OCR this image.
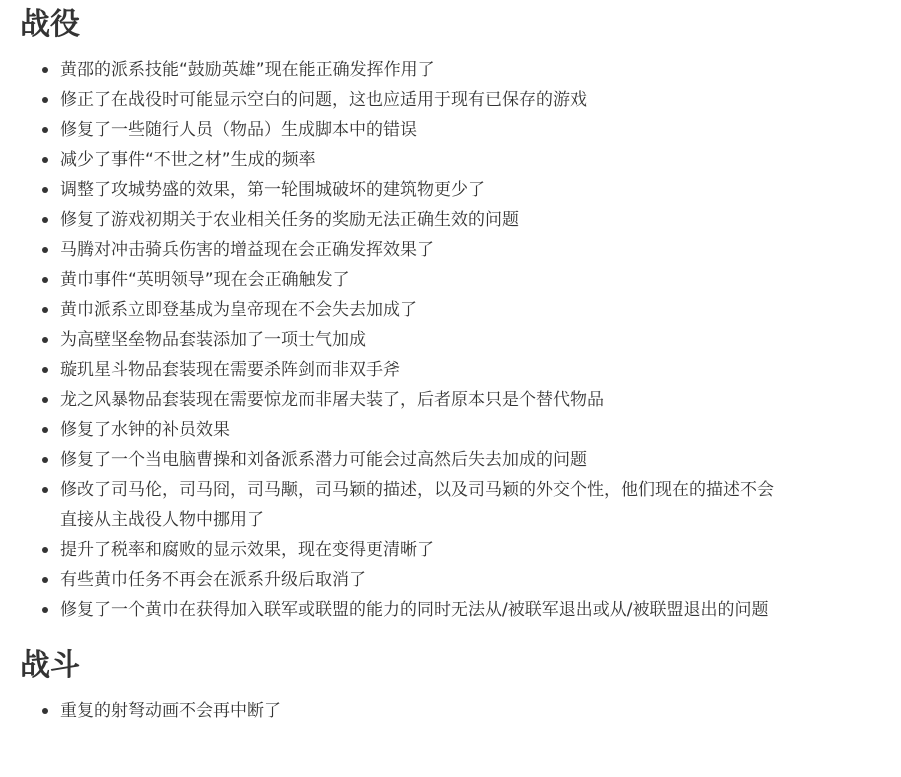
战役
黄邵的派系技能“鼓励英雄”现在能正确发挥作用了
修正了在战役时可能显示空白的问题，这也应适用于现有已保存的游戏
修复了一些随行人员（物品）生成脚本中的错误
减少了事件“不世之材”生成的频率
调整了攻城势盛的效果，第一轮围城破坏的建筑物更少了
修复了游戏初期关于农业相关任务的奖励无法正确生效的问题
马腾对冲击骑兵伤害的增益现在会正确发挥效果了
黄巾事件“英明领导”现在会正确触发了
黄巾派系立即登基成为皇帝现在不会失去加成了
为高壁坚垒物品套装添加了一项士气加成
璇玑星斗物品套装现在需要杀阵剑而非双手斧
龙之风暴物品套装现在需要惊龙而非屠夫装了，后者原本只是个替代物品
修复了水钟的补员效果
修复了一个当电脑曹操和刘备派系潜力可能会过高然后失去加成的问题
修改了司马伦，司马冏，司马颙，司马颖的描述，以及司马颖的外交个性，他们现在的描述不会直接从主战役人物中挪用了
提升了税率和腐败的显示效果，现在变得更清晰了
有些黄巾任务不再会在派系升级后取消了
修复了一个黄巾在获得加入联军或联盟的能力的同时无法从/被联军退出或从/被联盟退出的问题
战斗
重复的射弩动画不会再中断了
